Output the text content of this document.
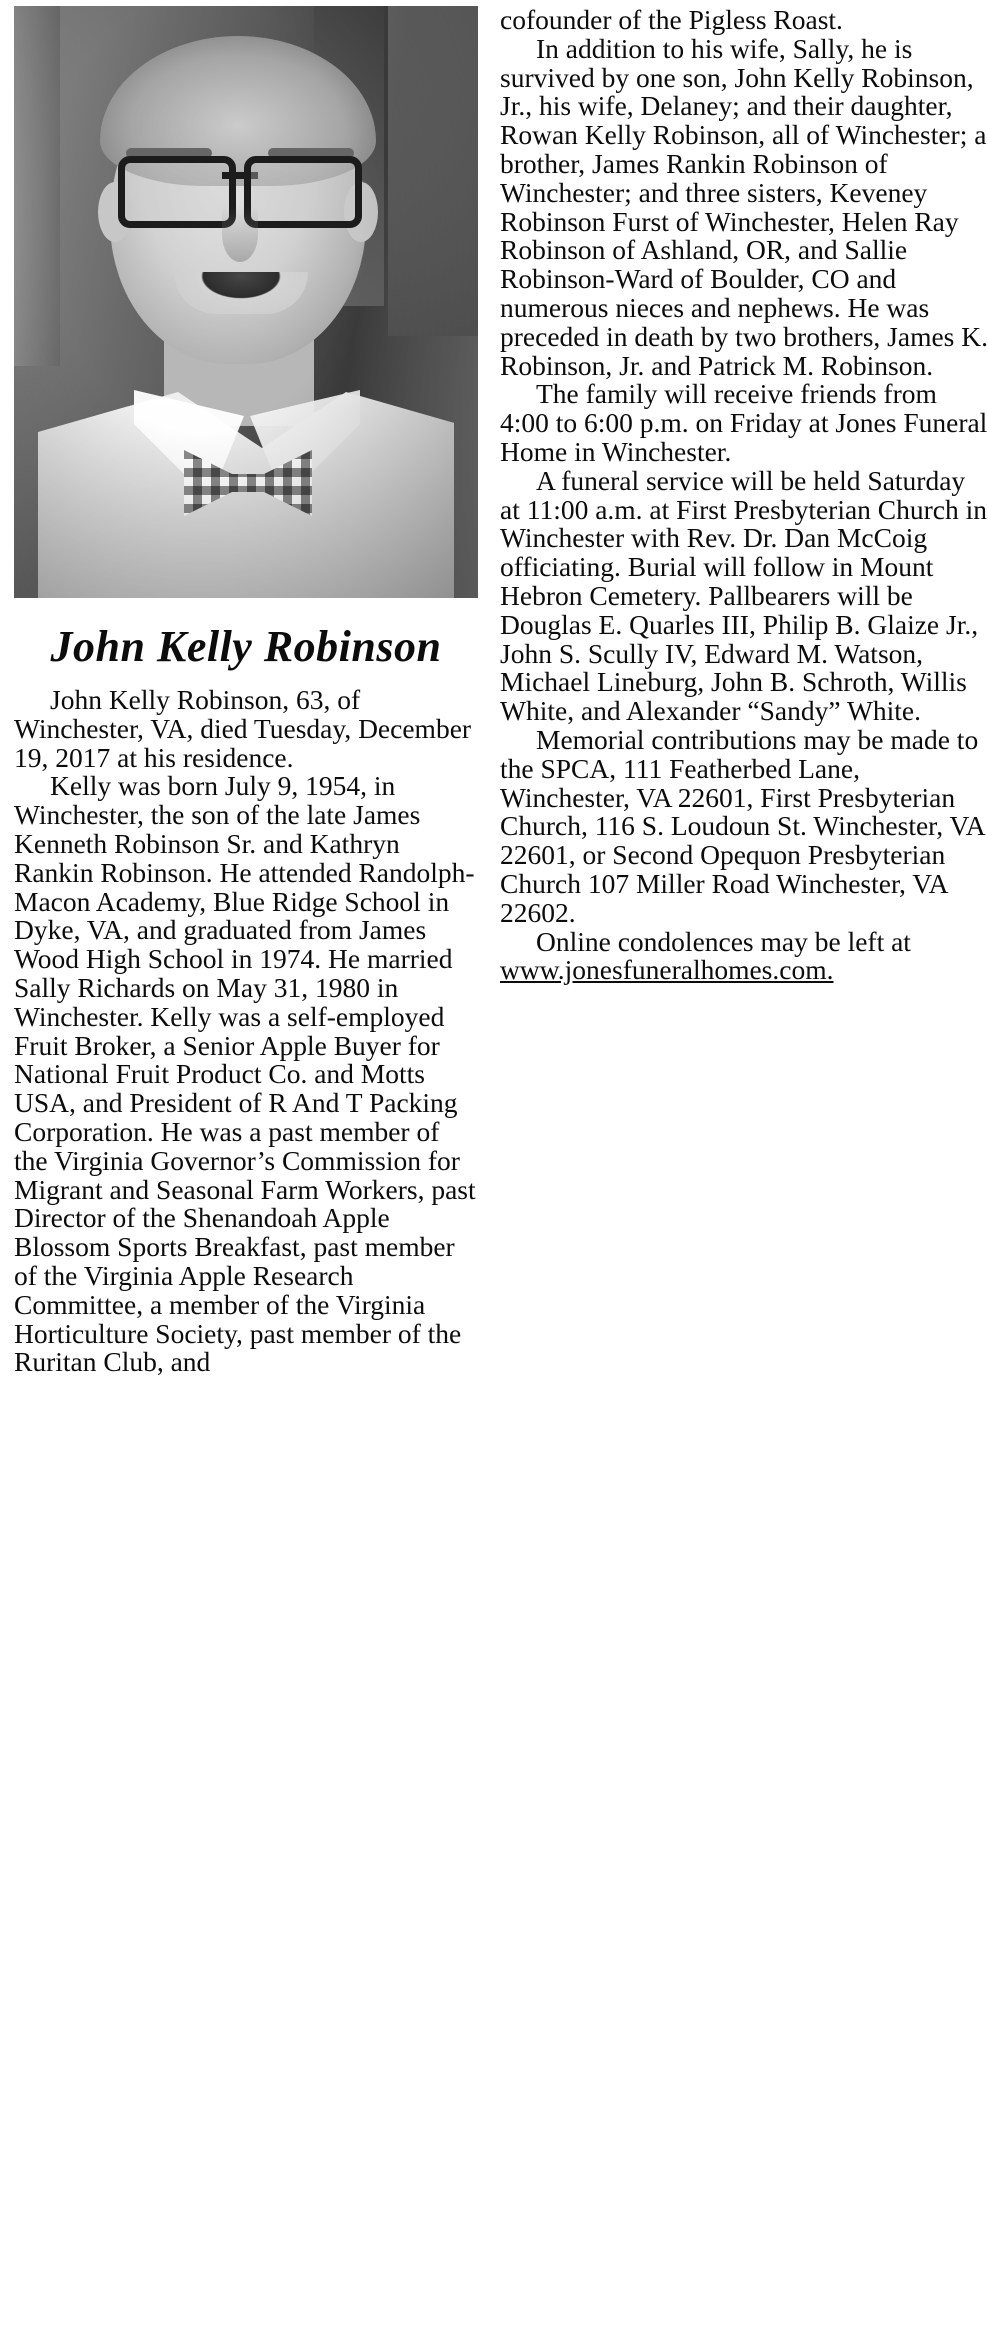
John Kelly Robinson

John Kelly Robinson, 63, of Winchester, VA, died Tuesday, December 19, 2017 at his residence.

Kelly was born July 9, 1954, in Winchester, the son of the late James Kenneth Robinson Sr. and Kathryn Rankin Robinson. He attended Randolph-Macon Academy, Blue Ridge School in Dyke, VA, and graduated from James Wood High School in 1974. He married Sally Richards on May 31, 1980 in Winchester. Kelly was a self-employed Fruit Broker, a Senior Apple Buyer for National Fruit Product Co. and Motts USA, and President of R And T Packing Corporation. He was a past member of the Virginia Governor’s Commission for Migrant and Seasonal Farm Workers, past Director of the Shenandoah Apple Blossom Sports Breakfast, past member of the Virginia Apple Research Committee, a member of the Virginia Horticulture Society, past member of the Ruritan Club, and

cofounder of the Pigless Roast.

In addition to his wife, Sally, he is survived by one son, John Kelly Robinson, Jr., his wife, Delaney; and their daughter, Rowan Kelly Robinson, all of Winchester; a brother, James Rankin Robinson of Winchester; and three sisters, Keveney Robinson Furst of Winchester, Helen Ray Robinson of Ashland, OR, and Sallie Robinson-Ward of Boulder, CO and numerous nieces and nephews. He was preceded in death by two brothers, James K. Robinson, Jr. and Patrick M. Robinson.

The family will receive friends from 4:00 to 6:00 p.m. on Friday at Jones Funeral Home in Winchester.

A funeral service will be held Saturday at 11:00 a.m. at First Presbyterian Church in Winchester with Rev. Dr. Dan McCoig officiating. Burial will follow in Mount Hebron Cemetery. Pallbearers will be Douglas E. Quarles III, Philip B. Glaize Jr., John S. Scully IV, Edward M. Watson, Michael Lineburg, John B. Schroth, Willis White, and Alexander “Sandy” White.

Memorial contributions may be made to the SPCA, 111 Featherbed Lane, Winchester, VA 22601, First Presbyterian Church, 116 S. Loudoun St. Winchester, VA 22601, or Second Opequon Presbyterian Church 107 Miller Road Winchester, VA 22602.

Online condolences may be left at www.jonesfuneralhomes.com.
